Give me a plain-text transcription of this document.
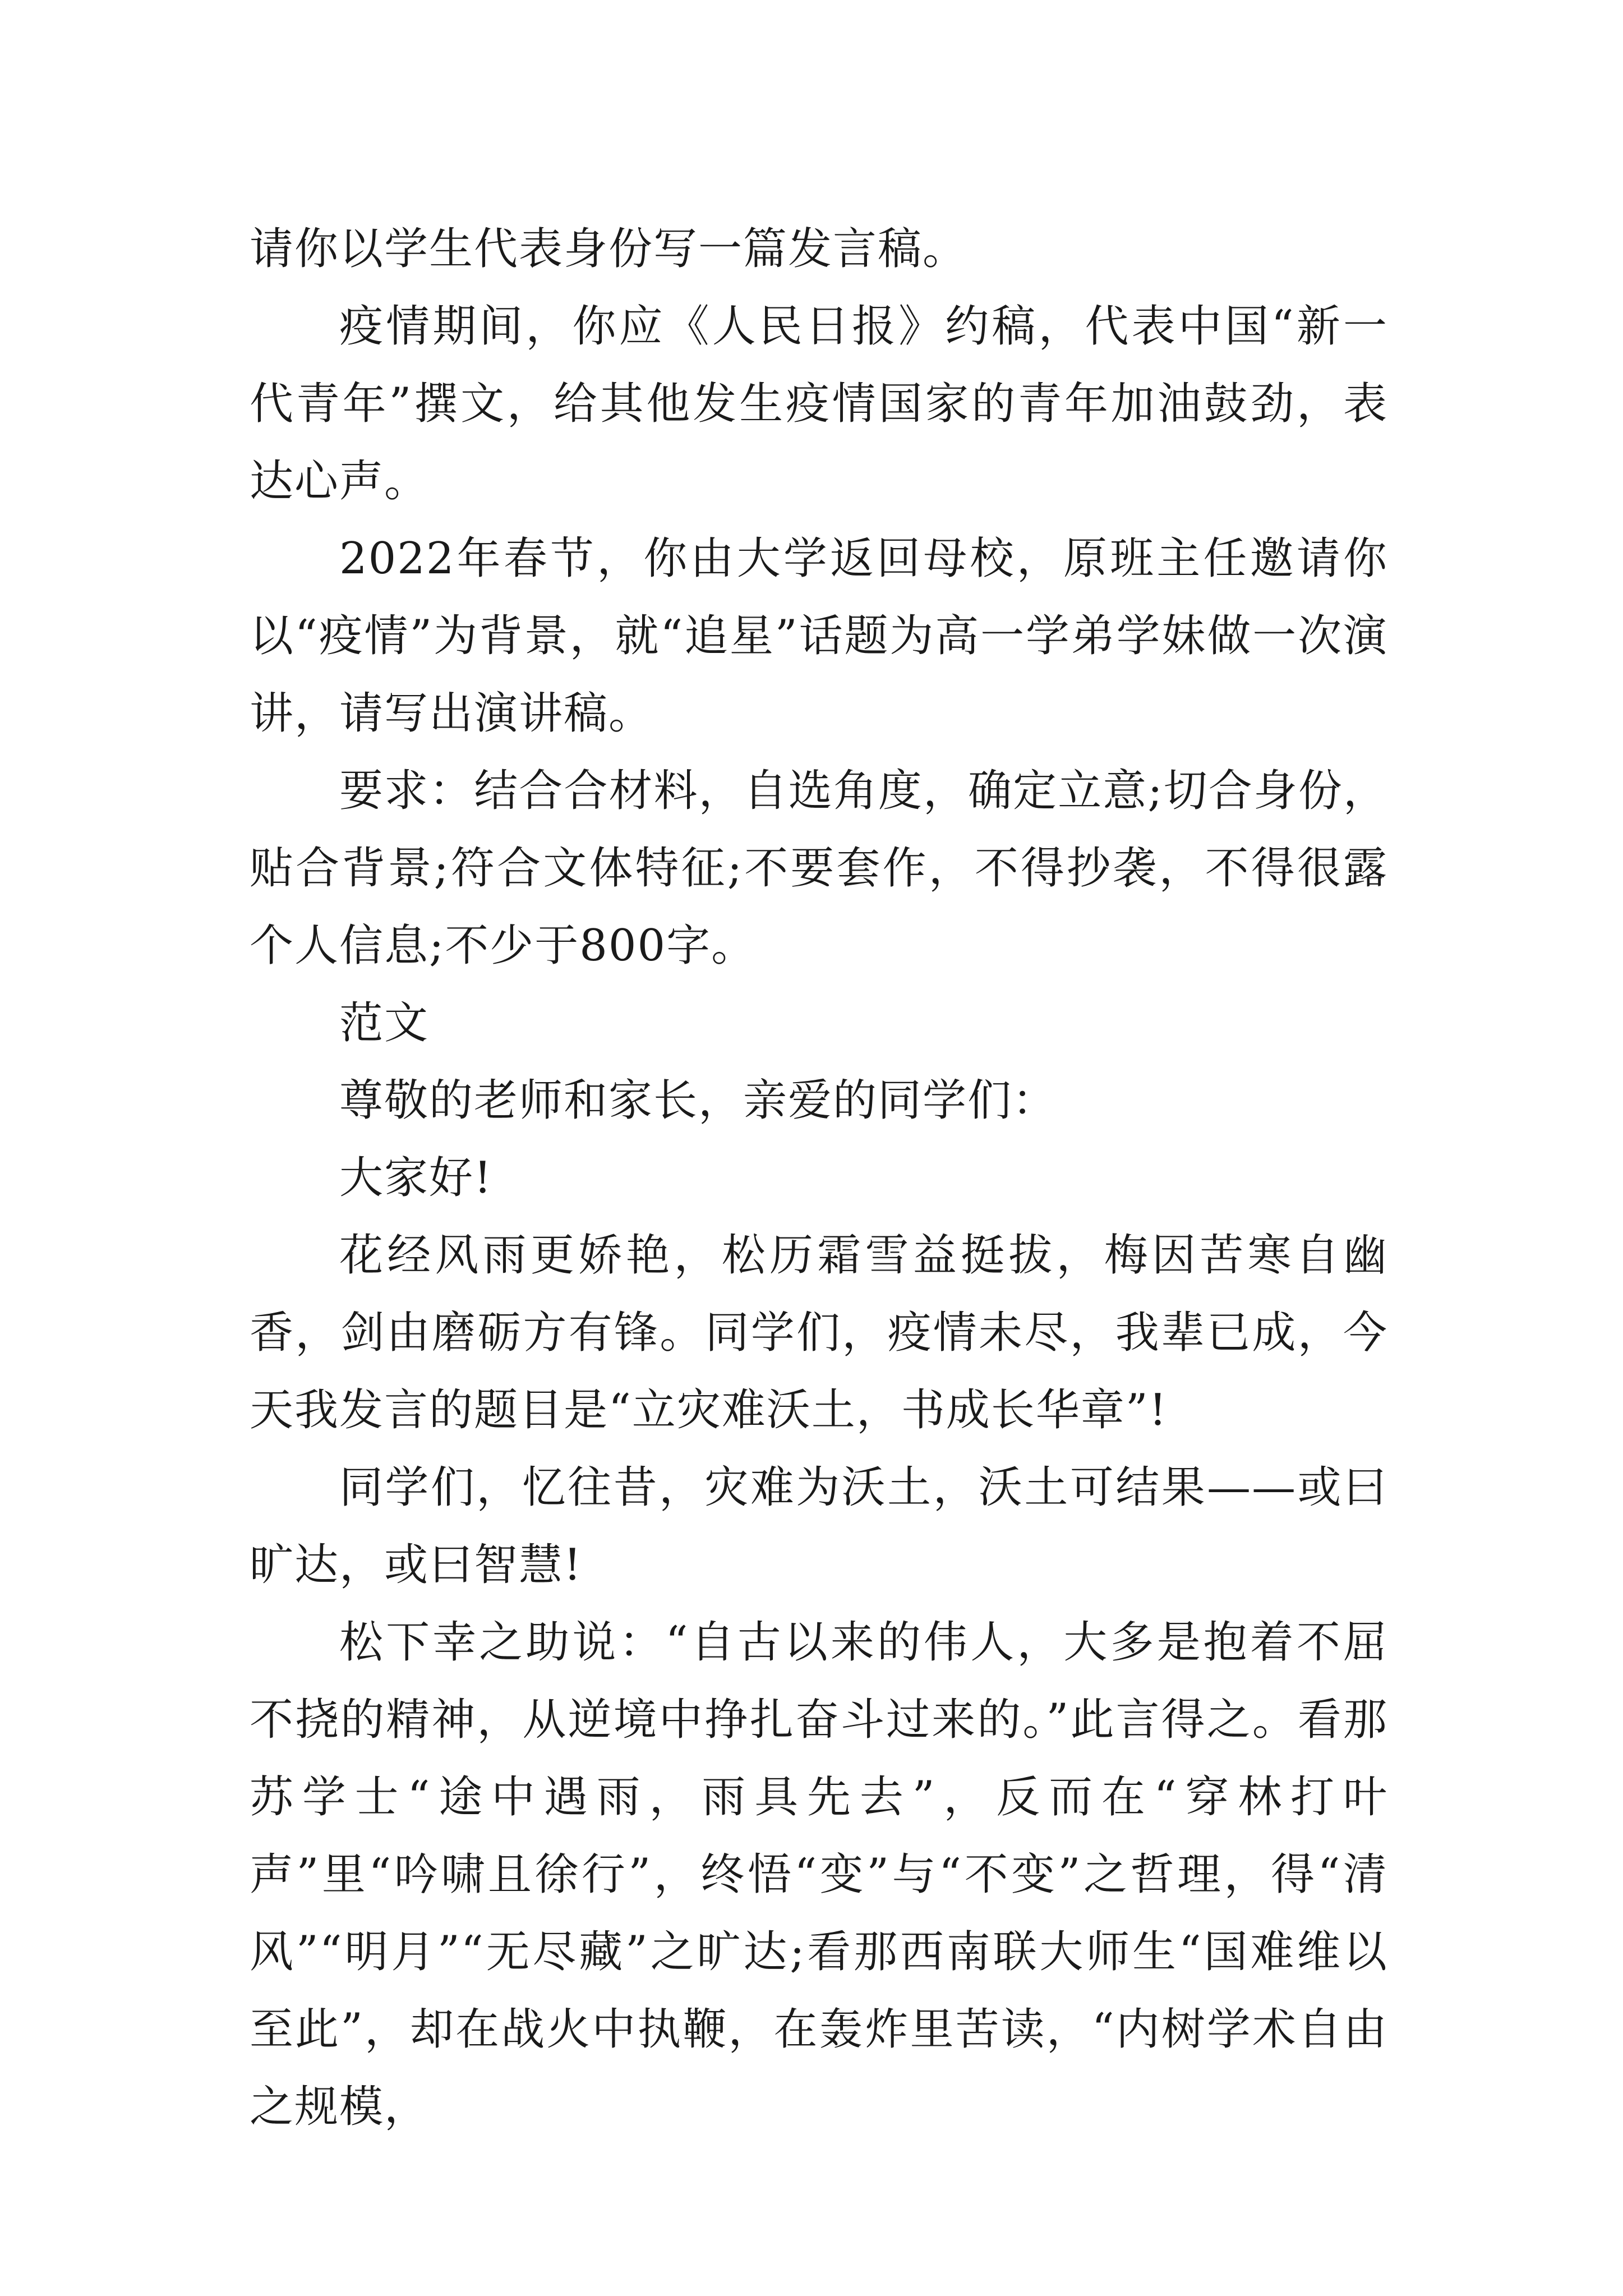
请你以学生代表身份写一篇发言稿。

疫情期间，你应《人民日报》约稿，代表中国“新一代青年”撰文，给其他发生疫情国家的青年加油鼓劲，表达心声。

2022年春节，你由大学返回母校，原班主任邀请你以“疫情”为背景，就“追星”话题为高一学弟学妹做一次演讲，请写出演讲稿。

要求：结合合材料，自选角度，确定立意;切合身份，贴合背景;符合文体特征;不要套作，不得抄袭，不得很露个人信息;不少于800字。

范文

尊敬的老师和家长，亲爱的同学们：

大家好!

花经风雨更娇艳，松历霜雪益挺拔，梅因苦寒自幽香，剑由磨砺方有锋。同学们，疫情未尽，我辈已成，今天我发言的题目是“立灾难沃土，书成长华章”!

同学们，忆往昔，灾难为沃土，沃土可结果——或曰旷达，或曰智慧!

松下幸之助说：“自古以来的伟人，大多是抱着不屈不挠的精神，从逆境中挣扎奋斗过来的。”此言得之。看那苏学士“途中遇雨，雨具先去”，反而在“穿林打叶声”里“吟啸且徐行”，终悟“变”与“不变”之哲理，得“清风”“明月”“无尽藏”之旷达;看那西南联大师生“国难维以至此”，却在战火中执鞭，在轰炸里苦读，“内树学术自由之规模，
